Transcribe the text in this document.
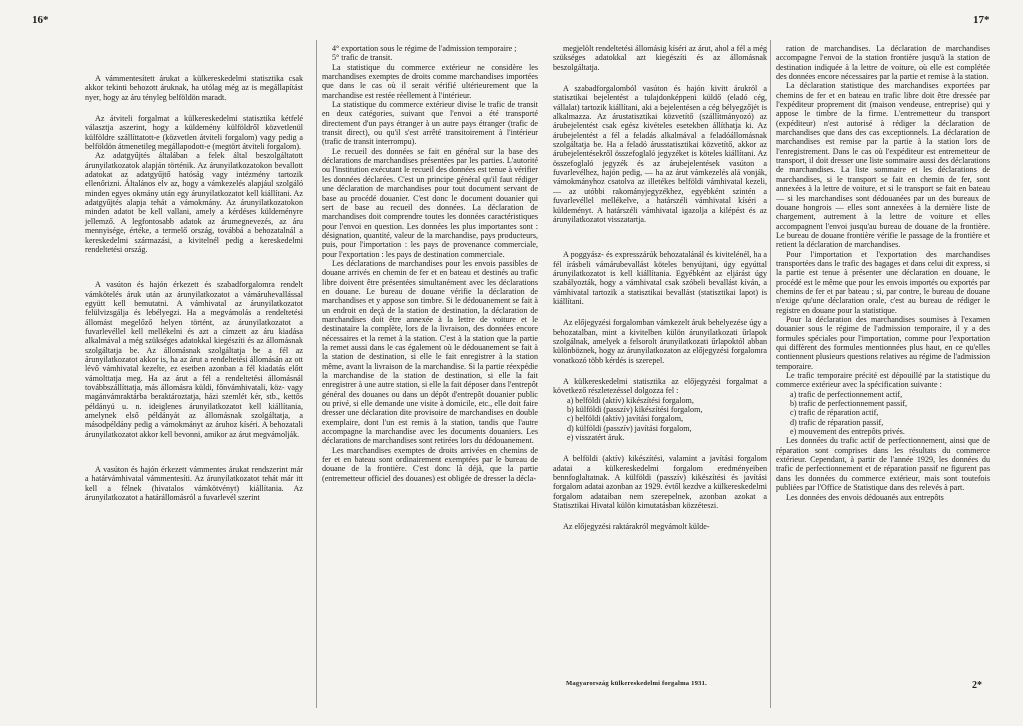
16*	17*

A vámmentesített árukat a külkereskedelmi statisztika csak akkor tekinti behozott áruknak, ha utólag még az is megállapítást nyer, hogy az áru tényleg belföldön maradt.

Az átviteli forgalmat a külkereskedelmi statisztika kétfelé választja aszerint, hogy a küldemény külföldről közvetlenül külföldre szállíttatott-e (közvetlen átviteli forgalom) vagy pedig a belföldön átmenetileg megállapodott-e (megtört átviteli forgalom).

Az adatgyűjtés általában a felek által beszolgáltatott árunyilatkozatok alapján történik. Az árunyilatkozatokon bevallott adatokat az adatgyűjtő hatóság vagy intézmény tartozik ellenőrizni. Általános elv az, hogy a vámkezelés alapjául szolgáló minden egyes okmány után egy árunyilatkozatot kell kiállítani. Az adatgyűjtés alapja tehát a vámokmány. Az árunyilatkozatokon minden adatot be kell vallani, amely a kérdéses küldeményre jellemző. A legfontosabb adatok az árumegnevezés, az áru mennyisége, értéke, a termelő ország, továbbá a behozatalnál a kereskedelmi származási, a kivitelnél pedig a kereskedelmi rendeltetési ország.

A vasúton és hajón érkezett és szabadforgalomra rendelt vámkötelés áruk után az árunyilatkozatot a vámáruhevallással együtt kell bemutatni. A vámhivatal az árunyilatkozatot felülvizsgálja és lebélyegzi. Ha a megvámolás a rendeltetési állomást megelőző helyen történt, az árunyilatkozatot a fuvarlevéllel kell mellékelni és azt a címzett az áru kiadása alkalmával a még szükséges adatokkal kiegészíti és az állomásnak szolgáltatja be. Az állomásnak szolgáltatja be a fél az árunyilatkozatot akkor is, ha az árut a rendeltetési állomásán az ott lévő vámhivatal kezelte, ez esetben azonban a fél kiadatás előtt vámolttatja meg. Ha az árut a fél a rendeltetési állomásnál továbbszállíttatja, más állomásra küldi, főnvámhivatali, köz- vagy magánvámraktárba beraktároztatja, házi szemlét kér, stb., kettős példányú u. n. ideiglenes árunyilatkozatot kell kiállítania, amelynek első példányát az állomásnak szolgáltatja, a másodpéldány pedig a vámokmányt az áruhoz kíséri. A behozatali árunyilatkozatot akkor kell bevonni, amikor az árut megvámolják.

A vasúton és hajón érkezett vámmentes árukat rendszerint már a határvámhivatal vámmentesíti. Az árunyilatkozatot tehát már itt kell a félnek (hivatalos vámkötvényt) kiállítania. Az árunyilatkozatot a határállomásról a fuvarlevél szerint

4° exportation sous le régime de l'admission temporaire ;

5° trafic de transit.

La statistique du commerce extérieur ne considère les marchandises exemptes de droits comme marchandises importées que dans le cas où il serait vérifié ultérieurement que la marchandise est restée réellement à l'intérieur.

La statistique du commerce extérieur divise le trafic de transit en deux catégories, suivant que l'envoi a été transporté directement d'un pays étranger à un autre pays étranger (trafic de transit direct), ou qu'il s'est arrêté transitoirement à l'intérieur (trafic de transit interrompu).

Le recueil des données se fait en général sur la base des déclarations de marchandises présentées par les parties. L'autorité ou l'institution exécutant le recueil des données est tenue à vérifier les données déclarées. C'est un principe général qu'il faut rédiger une déclaration de marchandises pour tout document servant de base au procédé douanier. C'est donc le document douanier qui sert de base au recueil des données. La déclaration de marchandises doit comprendre toutes les données caractéristiques pour l'envoi en question. Les données les plus importantes sont : désignation, quantité, valeur de la marchandise, pays producteurs, puis, pour l'importation : les pays de provenance commerciale, pour l'exportation : les pays de destination commerciale.

Les déclarations de marchandises pour les envois passibles de douane arrivés en chemin de fer et en bateau et destinés au trafic libre doivent être présentées simultanément avec les déclarations en douane. Le bureau de douane vérifie la déclaration de marchandises et y appose son timbre. Si le dédouanement se fait à un endroit en deçà de la station de destination, la déclaration de marchandises doit être annexée à la lettre de voiture et le destinataire la complète, lors de la livraison, des données encore nécessaires et la remet à la station. C'est à la station que la partie la remet aussi dans le cas également où le dédouanement se fait à la station de destination, si elle le fait enregistrer à la station même, avant la livraison de la marchandise. Si la partie réexpédie la marchandise de la station de destination, si elle la fait enregistrer à une autre station, si elle la fait déposer dans l'entrepôt général des douanes ou dans un dépôt d'entrepôt douanier public ou privé, si elle demande une visite à domicile, etc., elle doit faire dresser une déclaration dite provisoire de marchandises en double exemplaire, dont l'un est remis à la station, tandis que l'autre accompagne la marchandise avec les documents douaniers. Les déclarations de marchandises sont retirées lors du dédouanement.

Les marchandises exemptes de droits arrivées en chemins de fer et en bateau sont ordinairement exemptées par le bureau de douane de la frontière. C'est donc là déjà, que la partie (entremetteur officiel des douanes) est obligée de dresser la décla-

megjelölt rendeltetési állomásig kíséri az árut, ahol a fél a még szükséges adatokkal azt kiegészíti és az állomásnak beszolgáltatja.

A szabadforgalomból vasúton és hajón kivitt árukról a statisztikai bejelentést a tulajdonképpeni küldő (eladó cég, vállalat) tartozik kiállítani, aki a bejelentésen a cég bélyegzőjét is alkalmazza. Az árustatisztikai közvetítő (szállítmányozó) az árubejelentést csak egész kivételes esetekben állíthatja ki. Az árubejelentést a fél a feladás alkalmával a feladóállomásnak szolgáltatja be. Ha a feladó árusstatisztikai közvetítő, akkor az árubejelentésekről összefoglaló jegyzéket is köteles kiállítani. Az összefoglaló jegyzék és az árubejelentések vasúton a fuvarlevélhez, hajón pedig, — ha az árut vámkezelés alá vonják, vámokmányhoz csatolva az illetékes belföldi vámhivatal kezeli, — az utóbbi rakományjegyzékhez, egyébként szintén a fuvarlevéllel mellékelve, a határszéli vámhivatal kíséri a küldeményt. A határszéli vámhivatal igazolja a kilépést és az árunyilatkozatot visszatartja.

A poggyász- és expresszárúk behozatalánál és kivitelénél, ha a fél írásbeli vámárubevallást köteles benyújtani, úgy egyúttal árunyilatkozatot is kell kiállítania. Egyébként az eljárást úgy szabályozták, hogy a vámhivatal csak szóbeli bevallást kíván, a vámhivatal tartozik a statisztikai bevallást (statisztikai lapot) is kiállítani.

Az előjegyzési forgalomban vámkezelt áruk behelyezése úgy a behozatalban, mint a kivitelben külön árunyilatkozati űrlapok szolgálnak, amelyek a felsorolt árunyilatkozati űrlapoktól abban különböznek, hogy az árunyilatkozaton az előjegyzési forgalomra vonatkozó több kérdés is szerepel.

A külkereskedelmi statisztika az előjegyzési forgalmat a következő részletezéssel dolgozza fel :

a) belföldi (aktív) kikészítési forgalom,
b) külföldi (passzív) kikészítési forgalom,
c) belföldi (aktív) javítási forgalom,
d) külföldi (passzív) javítási forgalom,
e) visszatért áruk.

A belföldi (aktív) kikészítési, valamint a javítási forgalom adatai a külkereskedelmi forgalom eredményeiben bennfoglaltatnak. A külföldi (passzív) kikészítési és javítási forgalom adatai azonban az 1929. évtől kezdve a külkereskedelmi forgalom adataiban nem szerepelnek, azonban azokat a Statisztikai Hivatal külön kimutatásban közzéteszi.

Az előjegyzési raktárakról megvámolt külde-

Magyarország külkereskedelmi forgalma 1931.

ration de marchandises. La déclaration de marchandises accompagne l'envoi de la station frontière jusqu'à la station de destination indiquée à la lettre de voiture, où elle est complétée des données encore nécessaires par la partie et remise à la station.

La déclaration statistique des marchandises exportées par chemins de fer et en bateau en trafic libre doit être dressée par l'expéditeur proprement dit (maison vendeuse, entreprise) qui y appose le timbre de la firme. L'entremetteur du transport (expéditeur) n'est autorisé à rédiger la déclaration de marchandises que dans des cas exceptionnels. La déclaration de marchandises est remise par la partie à la station lors de l'enregistrement. Dans le cas où l'expéditeur est entremetteur de transport, il doit dresser une liste sommaire aussi des déclarations de marchandises. La liste sommaire et les déclarations de marchandises, si le transport se fait en chemin de fer, sont annexées à la lettre de voiture, et si le transport se fait en bateau — si les marchandises sont dédouanées par un des bureaux de douane hongrois — elles sont annexées à la dernière liste de chargement, autrement à la lettre de voiture et elles accompagnent l'envoi jusqu'au bureau de douane de la frontière. Le bureau de douane frontière vérifie le passage de la frontière et retient la déclaration de marchandises.

Pour l'importation et l'exportation des marchandises transportées dans le trafic des bagages et dans celui dit express, si la partie est tenue à présenter une déclaration en douane, le procédé est le même que pour les envois importés ou exportés par chemins de fer et par bateau ; si, par contre, le bureau de douane n'exige qu'une déclaration orale, c'est au bureau de rédiger le registre en douane pour la statistique.

Pour la déclaration des marchandises soumises à l'examen douanier sous le régime de l'admission temporaire, il y a des formules spéciales pour l'importation, comme pour l'exportation qui diffèrent des formules mentionnées plus haut, en ce qu'elles contiennent plusieurs questions relatives au régime de l'admission temporaire.

Le trafic temporaire précité est dépouillé par la statistique du commerce extérieur avec la spécification suivante :

a) trafic de perfectionnement actif,
b) trafic de perfectionnement passif,
c) trafic de réparation actif,
d) trafic de réparation passif,
e) mouvement des entrepôts privés.

Les données du trafic actif de perfectionnement, ainsi que de réparation sont comprises dans les résultats du commerce extérieur. Cependant, à partir de l'année 1929, les données du trafic de perfectionnement et de réparation passif ne figurent pas dans les données du commerce extérieur, mais sont toutefois publiées par l'Office de Statistique dans des relevés à part.

Les données des envois dédouanés aux entrepôts

2*
